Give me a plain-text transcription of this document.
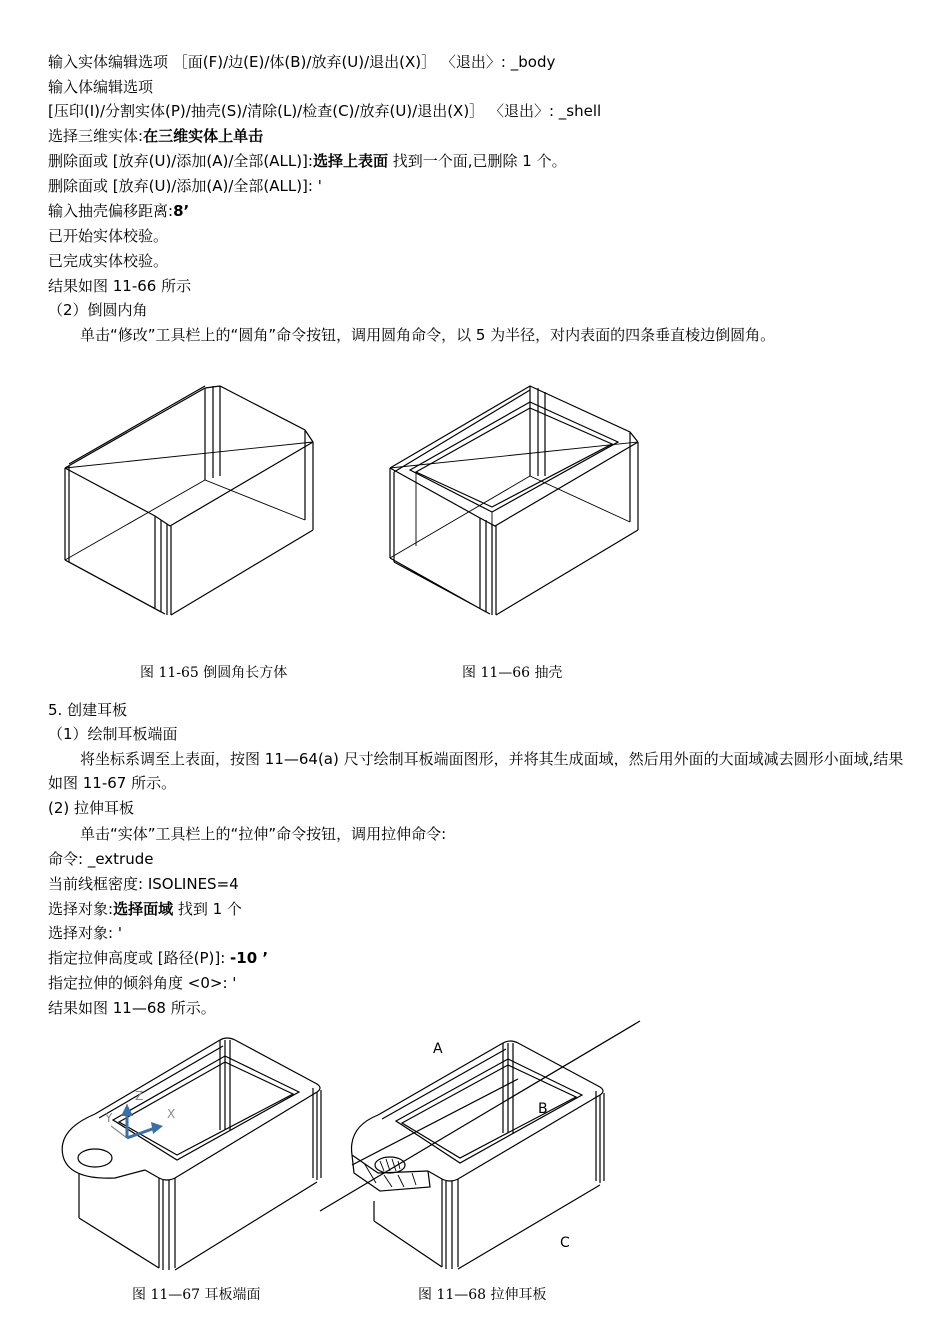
输入实体编辑选项 ［面(F)/边(E)/体(B)/放弃(U)/退出(X)］ 〈退出〉: _body
输入体编辑选项
[压印(I)/分割实体(P)/抽壳(S)/清除(L)/检查(C)/放弃(U)/退出(X)］ 〈退出〉: _shell
选择三维实体:在三维实体上单击
删除面或 [放弃(U)/添加(A)/全部(ALL)]:选择上表面 找到一个面,已删除 1 个。
删除面或 [放弃(U)/添加(A)/全部(ALL)]: '
输入抽壳偏移距离:8’
已开始实体校验。
已完成实体校验。
结果如图 11-66 所示
（2）倒圆内角
单击“修改”工具栏上的“圆角”命令按钮，调用圆角命令，以 5 为半径，对内表面的四条垂直棱边倒圆角。
图 11-65 倒圆角长方体	图 11—66 抽壳
5. 创建耳板
（1）绘制耳板端面
将坐标系调至上表面，按图 11—64(a) 尺寸绘制耳板端面图形，并将其生成面域，然后用外面的大面域减去圆形小面域,结果如图 11-67 所示。
(2) 拉伸耳板
单击“实体”工具栏上的“拉伸”命令按钮，调用拉伸命令:
命令: _extrude
当前线框密度: ISOLINES=4
选择对象:选择面域 找到 1 个
选择对象: '
指定拉伸高度或 [路径(P)]: -10 ’
指定拉伸的倾斜角度 <0>: '
结果如图 11—68 所示。
Z
X
Y
A
B
C
图 11—67 耳板端面	图 11—68 拉伸耳板
